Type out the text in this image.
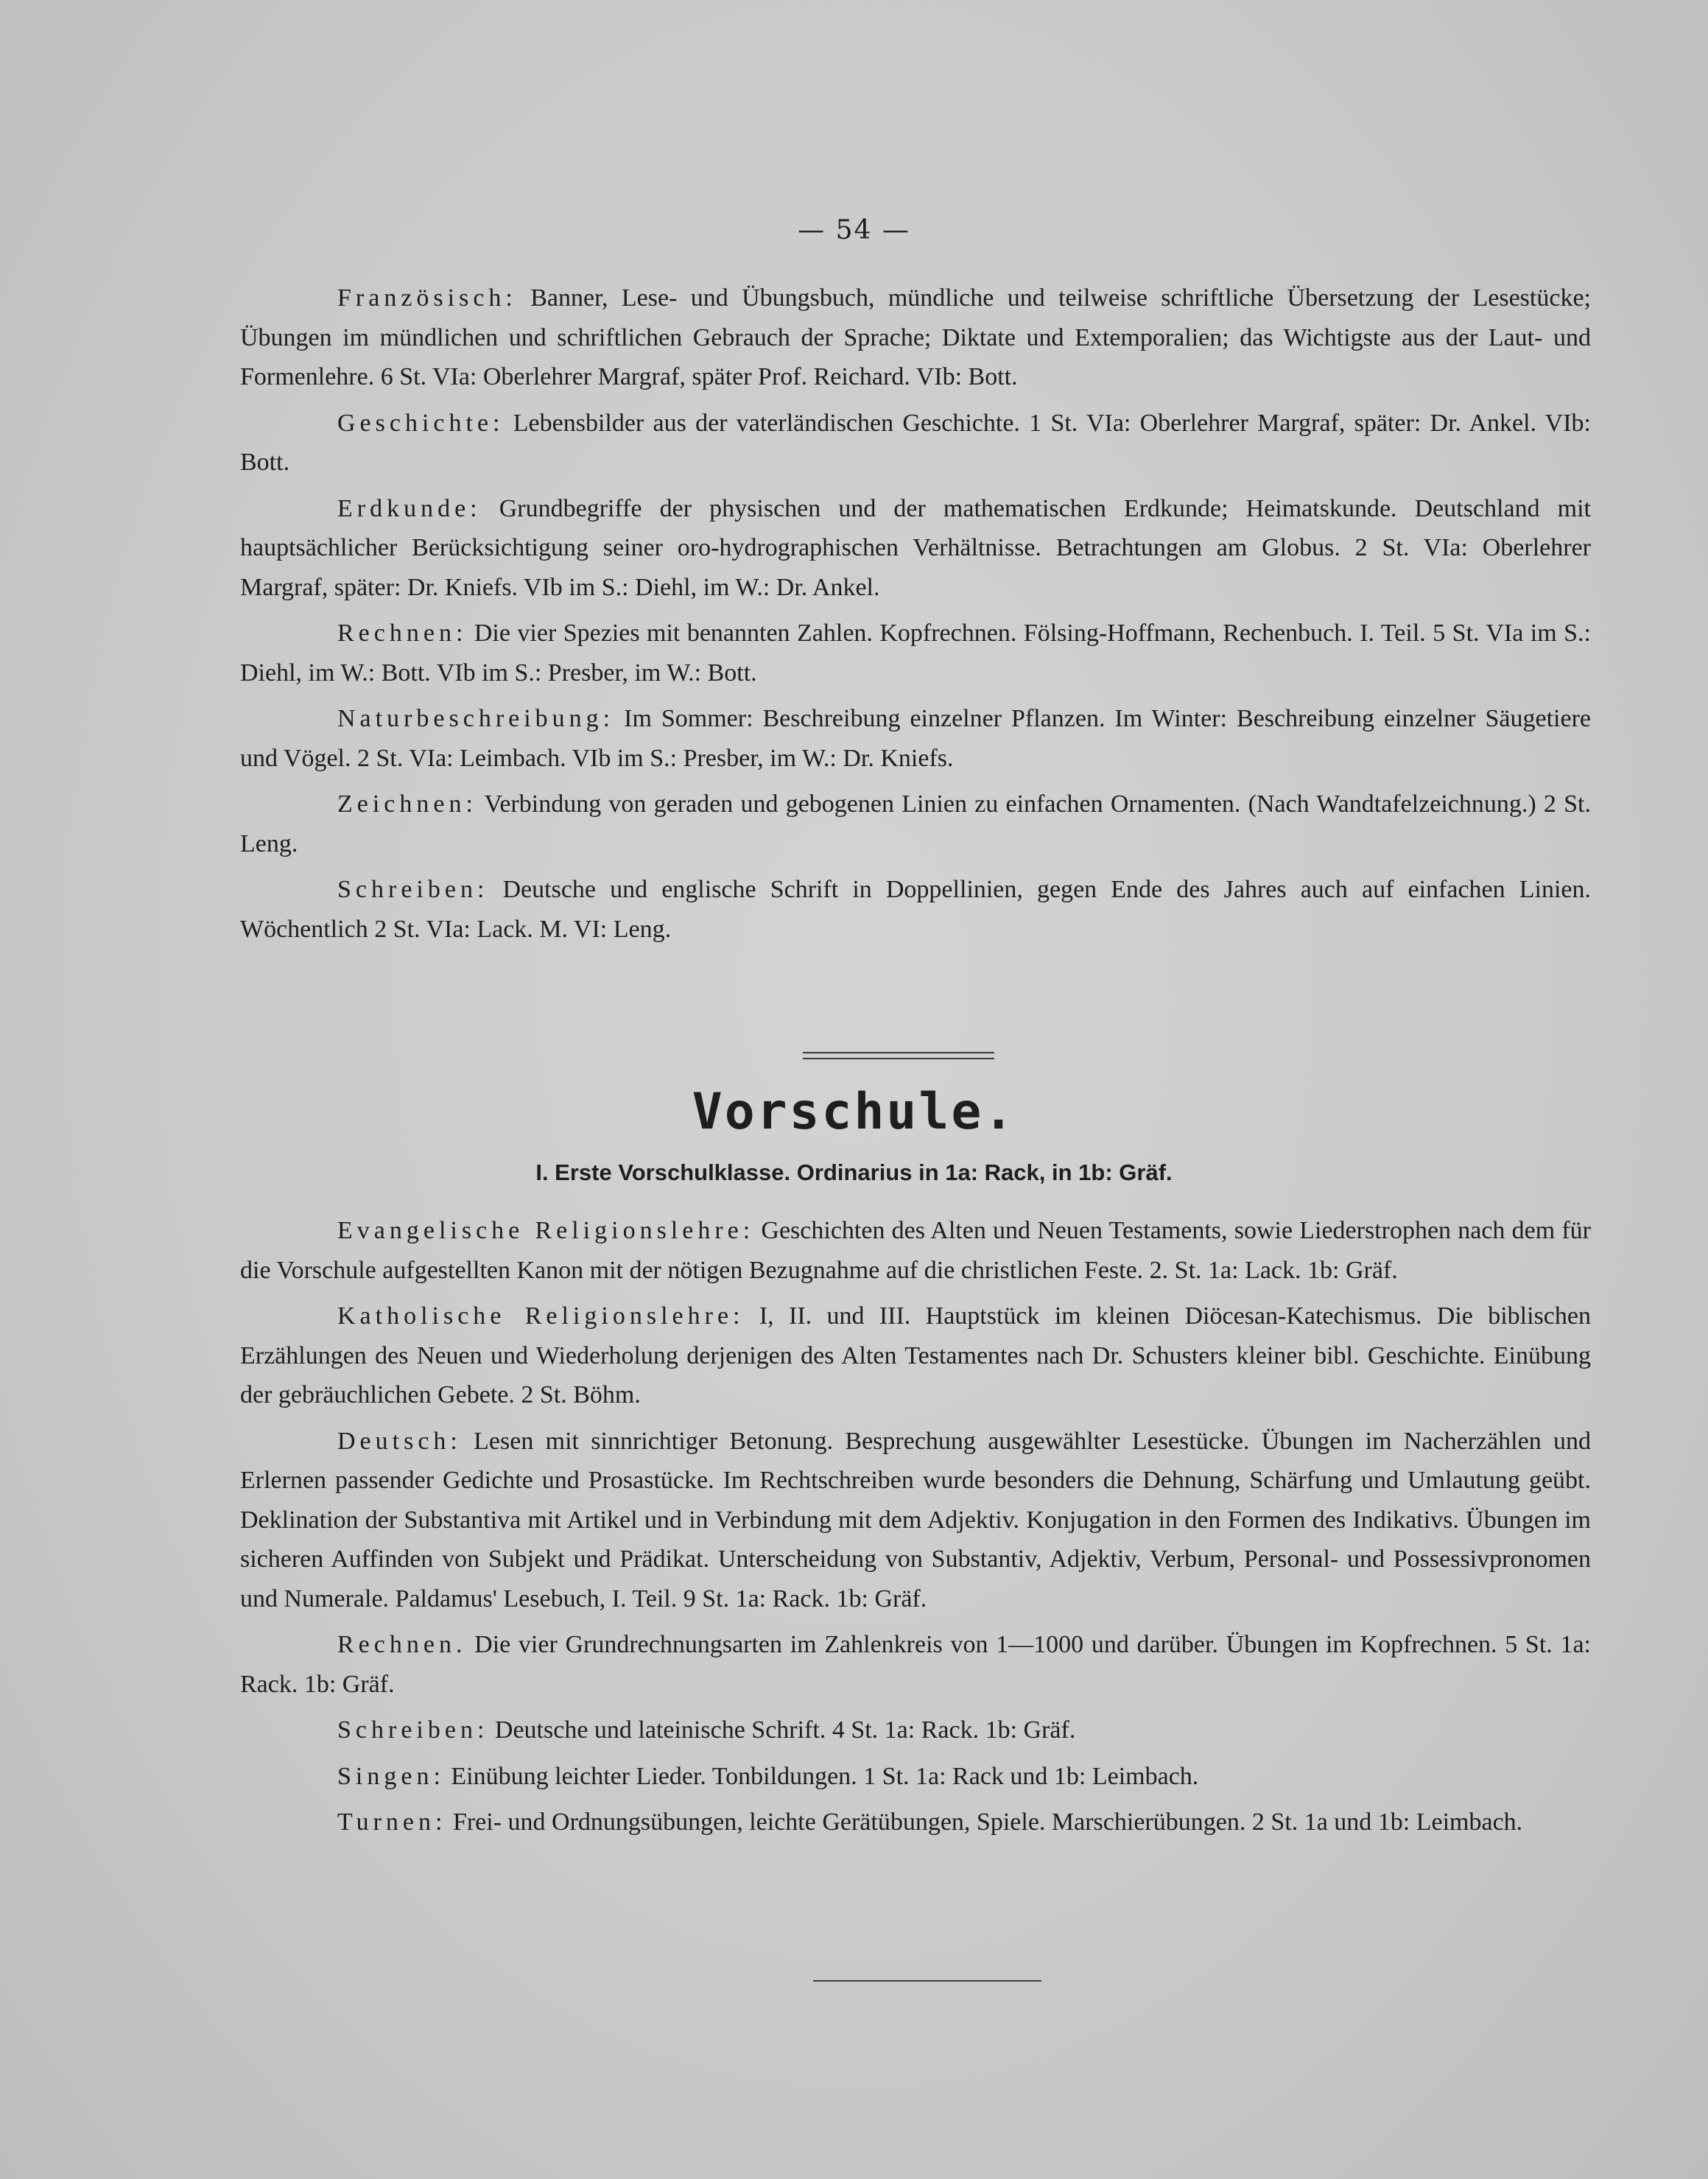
— 54 —

Französisch: Banner, Lese- und Übungsbuch, mündliche und teilweise schriftliche Übersetzung der Lesestücke; Übungen im mündlichen und schriftlichen Gebrauch der Sprache; Diktate und Extemporalien; das Wichtigste aus der Laut- und Formenlehre. 6 St. VIa: Oberlehrer Margraf, später Prof. Reichard. VIb: Bott.

Geschichte: Lebensbilder aus der vaterländischen Geschichte. 1 St. VIa: Oberlehrer Margraf, später: Dr. Ankel. VIb: Bott.

Erdkunde: Grundbegriffe der physischen und der mathematischen Erdkunde; Heimatskunde. Deutschland mit hauptsächlicher Berücksichtigung seiner oro-hydrographischen Verhältnisse. Betrachtungen am Globus. 2 St. VIa: Oberlehrer Margraf, später: Dr. Kniefs. VIb im S.: Diehl, im W.: Dr. Ankel.

Rechnen: Die vier Spezies mit benannten Zahlen. Kopfrechnen. Fölsing-Hoffmann, Rechenbuch. I. Teil. 5 St. VIa im S.: Diehl, im W.: Bott. VIb im S.: Presber, im W.: Bott.

Naturbeschreibung: Im Sommer: Beschreibung einzelner Pflanzen. Im Winter: Beschreibung einzelner Säugetiere und Vögel. 2 St. VIa: Leimbach. VIb im S.: Presber, im W.: Dr. Kniefs.

Zeichnen: Verbindung von geraden und gebogenen Linien zu einfachen Ornamenten. (Nach Wandtafelzeichnung.) 2 St. Leng.

Schreiben: Deutsche und englische Schrift in Doppellinien, gegen Ende des Jahres auch auf einfachen Linien. Wöchentlich 2 St. VIa: Lack. M. VI: Leng.

Vorschule.
I. Erste Vorschulklasse. Ordinarius in 1a: Rack, in 1b: Gräf.

Evangelische Religionslehre: Geschichten des Alten und Neuen Testaments, sowie Liederstrophen nach dem für die Vorschule aufgestellten Kanon mit der nötigen Bezugnahme auf die christlichen Feste. 2. St. 1a: Lack. 1b: Gräf.

Katholische Religionslehre: I, II. und III. Hauptstück im kleinen Diöcesan-Katechismus. Die biblischen Erzählungen des Neuen und Wiederholung derjenigen des Alten Testamentes nach Dr. Schusters kleiner bibl. Geschichte. Einübung der gebräuchlichen Gebete. 2 St. Böhm.

Deutsch: Lesen mit sinnrichtiger Betonung. Besprechung ausgewählter Lesestücke. Übungen im Nacherzählen und Erlernen passender Gedichte und Prosastücke. Im Rechtschreiben wurde besonders die Dehnung, Schärfung und Umlautung geübt. Deklination der Substantiva mit Artikel und in Verbindung mit dem Adjektiv. Konjugation in den Formen des Indikativs. Übungen im sicheren Auffinden von Subjekt und Prädikat. Unterscheidung von Substantiv, Adjektiv, Verbum, Personal- und Possessivpronomen und Numerale. Paldamus' Lesebuch, I. Teil. 9 St. 1a: Rack. 1b: Gräf.

Rechnen. Die vier Grundrechnungsarten im Zahlenkreis von 1—1000 und darüber. Übungen im Kopfrechnen. 5 St. 1a: Rack. 1b: Gräf.

Schreiben: Deutsche und lateinische Schrift. 4 St. 1a: Rack. 1b: Gräf.

Singen: Einübung leichter Lieder. Tonbildungen. 1 St. 1a: Rack und 1b: Leimbach.

Turnen: Frei- und Ordnungsübungen, leichte Gerätübungen, Spiele. Marschierübungen. 2 St. 1a und 1b: Leimbach.
